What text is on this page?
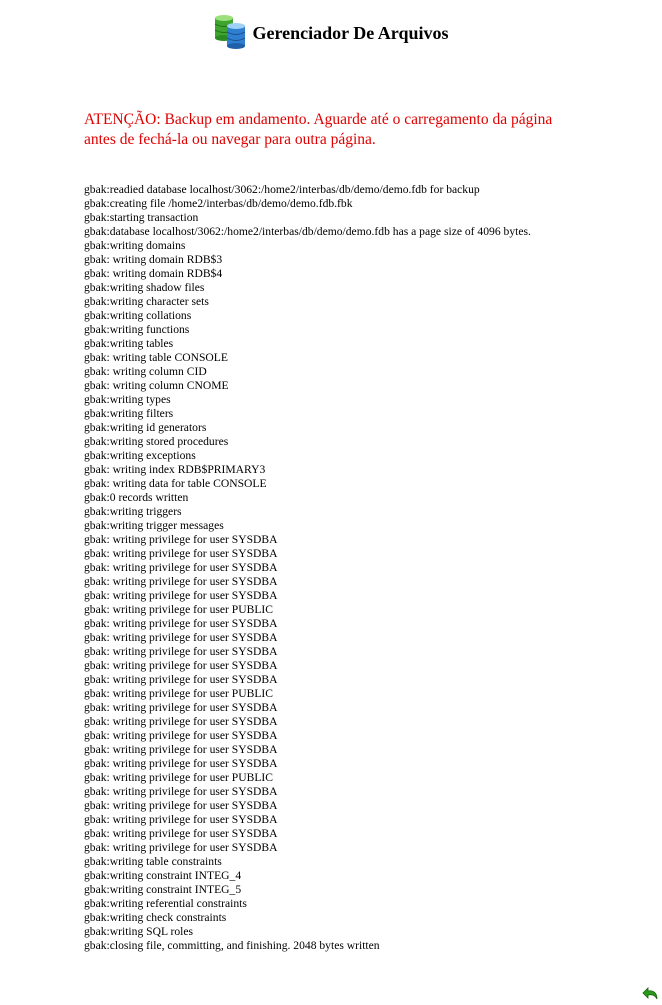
Gerenciador De Arquivos
ATENÇÃO: Backup em andamento. Aguarde até o carregamento da página antes de fechá-la ou navegar para outra página.
gbak:readied database localhost/3062:/home2/interbas/db/demo/demo.fdb for backup
gbak:creating file /home2/interbas/db/demo/demo.fdb.fbk
gbak:starting transaction
gbak:database localhost/3062:/home2/interbas/db/demo/demo.fdb has a page size of 4096 bytes.
gbak:writing domains
gbak: writing domain RDB$3
gbak: writing domain RDB$4
gbak:writing shadow files
gbak:writing character sets
gbak:writing collations
gbak:writing functions
gbak:writing tables
gbak: writing table CONSOLE
gbak: writing column CID
gbak: writing column CNOME
gbak:writing types
gbak:writing filters
gbak:writing id generators
gbak:writing stored procedures
gbak:writing exceptions
gbak: writing index RDB$PRIMARY3
gbak: writing data for table CONSOLE
gbak:0 records written
gbak:writing triggers
gbak:writing trigger messages
gbak: writing privilege for user SYSDBA
gbak: writing privilege for user SYSDBA
gbak: writing privilege for user SYSDBA
gbak: writing privilege for user SYSDBA
gbak: writing privilege for user SYSDBA
gbak: writing privilege for user PUBLIC
gbak: writing privilege for user SYSDBA
gbak: writing privilege for user SYSDBA
gbak: writing privilege for user SYSDBA
gbak: writing privilege for user SYSDBA
gbak: writing privilege for user SYSDBA
gbak: writing privilege for user PUBLIC
gbak: writing privilege for user SYSDBA
gbak: writing privilege for user SYSDBA
gbak: writing privilege for user SYSDBA
gbak: writing privilege for user SYSDBA
gbak: writing privilege for user SYSDBA
gbak: writing privilege for user PUBLIC
gbak: writing privilege for user SYSDBA
gbak: writing privilege for user SYSDBA
gbak: writing privilege for user SYSDBA
gbak: writing privilege for user SYSDBA
gbak: writing privilege for user SYSDBA
gbak:writing table constraints
gbak:writing constraint INTEG_4
gbak:writing constraint INTEG_5
gbak:writing referential constraints
gbak:writing check constraints
gbak:writing SQL roles
gbak:closing file, committing, and finishing. 2048 bytes written
